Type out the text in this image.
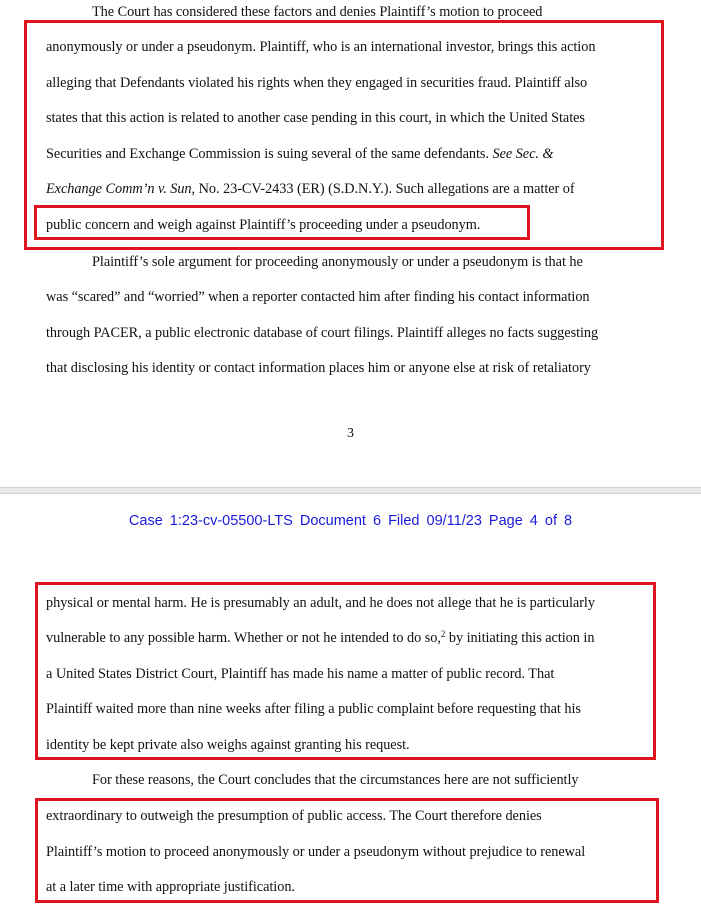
The Court has considered these factors and denies Plaintiff’s motion to proceed
anonymously or under a pseudonym. Plaintiff, who is an international investor, brings this action
alleging that Defendants violated his rights when they engaged in securities fraud. Plaintiff also
states that this action is related to another case pending in this court, in which the United States
Securities and Exchange Commission is suing several of the same defendants. See Sec. &
Exchange Comm’n v. Sun, No. 23-CV-2433 (ER) (S.D.N.Y.). Such allegations are a matter of
public concern and weigh against Plaintiff’s proceeding under a pseudonym.
Plaintiff’s sole argument for proceeding anonymously or under a pseudonym is that he
was “scared” and “worried” when a reporter contacted him after finding his contact information
through PACER, a public electronic database of court filings. Plaintiff alleges no facts suggesting
that disclosing his identity or contact information places him or anyone else at risk of retaliatory
3
Case 1:23-cv-05500-LTS Document 6 Filed 09/11/23 Page 4 of 8
physical or mental harm. He is presumably an adult, and he does not allege that he is particularly
vulnerable to any possible harm. Whether or not he intended to do so,$^2$ by initiating this action in
a United States District Court, Plaintiff has made his name a matter of public record. That
Plaintiff waited more than nine weeks after filing a public complaint before requesting that his
identity be kept private also weighs against granting his request.
For these reasons, the Court concludes that the circumstances here are not sufficiently
extraordinary to outweigh the presumption of public access. The Court therefore denies
Plaintiff’s motion to proceed anonymously or under a pseudonym without prejudice to renewal
at a later time with appropriate justification.
